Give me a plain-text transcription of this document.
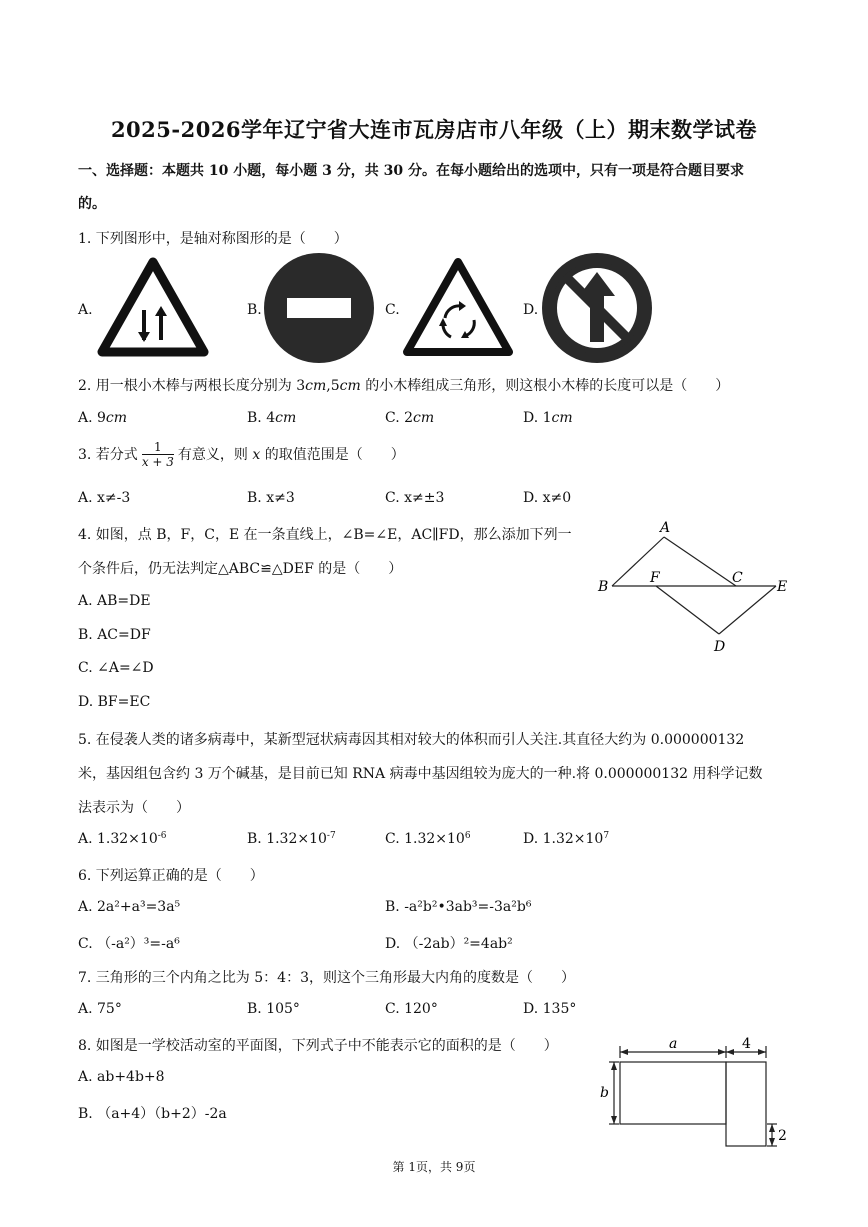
2025-2026学年辽宁省大连市瓦房店市八年级（上）期末数学试卷
一、选择题：本题共 10 小题，每小题 3 分，共 30 分。在每小题给出的选项中，只有一项是符合题目要求
的。
1. 下列图形中，是轴对称图形的是（　　）
A.	B.	C.	D.
2. 用一根小木棒与两根长度分别为 3cm,5cm 的小木棒组成三角形，则这根小木棒的长度可以是（　　）
A. 9cm	B. 4cm	C. 2cm	D. 1cm
3. 若分式 $\frac{1}{x + 3}$ 有意义，则 x 的取值范围是（　　）
A. x≠-3	B. x≠3	C. x≠±3	D. x≠0
4. 如图，点 B，F，C，E 在一条直线上，∠B=∠E，AC∥FD，那么添加下列一
个条件后，仍无法判定△ABC≌△DEF 的是（　　）
A. AB=DE
B. AC=DF
C. ∠A=∠D
D. BF=EC
A
B
F	C
E
D
5. 在侵袭人类的诸多病毒中，某新型冠状病毒因其相对较大的体积而引人关注.其直径大约为 0.000000132
米，基因组包含约 3 万个碱基，是目前已知 RNA 病毒中基因组较为庞大的一种.将 0.000000132 用科学记数
法表示为（　　）
A. $1.32\times 10^{-6}$	B. $1.32\times 10^{-7}$	C. $1.32\times 10^6$	D. $1.32\times 10^7$
6. 下列运算正确的是（　　）
A. 2a²+a³=3a⁵	B. -a²b²•3ab³=-3a²b⁶
C. （-a²）³=-a⁶	D. （-2ab）²=4ab²
7. 三角形的三个内角之比为 5：4：3，则这个三角形最大内角的度数是（　　）
A. 75°	B. 105°	C. 120°	D. 135°
8. 如图是一学校活动室的平面图，下列式子中不能表示它的面积的是（　　）
A. ab+4b+8
B. （a+4）（b+2）-2a
a	4
b
2
第 1页，共 9页
